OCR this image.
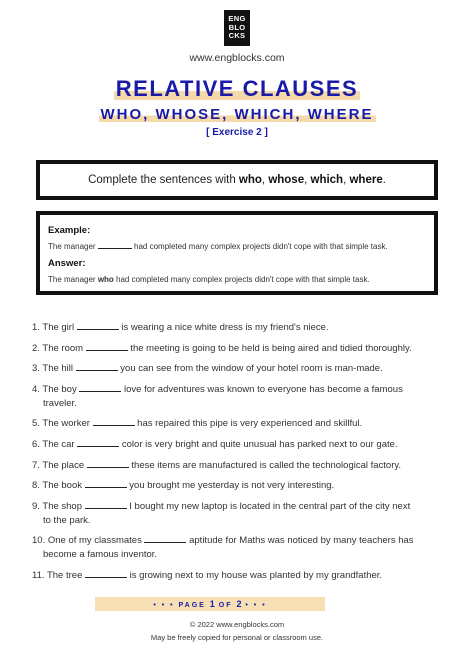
ENG
BLO
CKS
www.engblocks.com
RELATIVE CLAUSES
WHO, WHOSE, WHICH, WHERE
[ Exercise 2 ]
Complete the sentences with who, whose, which, where.
Example:
The manager	had completed many complex projects didn't cope with that simple task.
Answer:
The manager who had completed many complex projects didn't cope with that simple task.
1. The girl	is wearing a nice white dress is my friend's niece.
2. The room	the meeting is going to be held is being aired and tidied thoroughly.
3. The hill	you can see from the window of your hotel room is man-made.
4. The boy	love for adventures was known to everyone has become a famous
traveler.
5. The worker	has repaired this pipe is very experienced and skillful.
6. The car	color is very bright and quite unusual has parked next to our gate.
7. The place	these items are manufactured is called the technological factory.
8. The book	you brought me yesterday is not very interesting.
9. The shop	I bought my new laptop is located in the central part of the city next
to the park.
10. One of my classmates	aptitude for Maths was noticed by many teachers has
become a famous inventor.
11. The tree	is growing next to my house was planted by my grandfather.
• • • PAGE 1 OF 2 • • •
© 2022 www.engblocks.com
May be freely copied for personal or classroom use.
